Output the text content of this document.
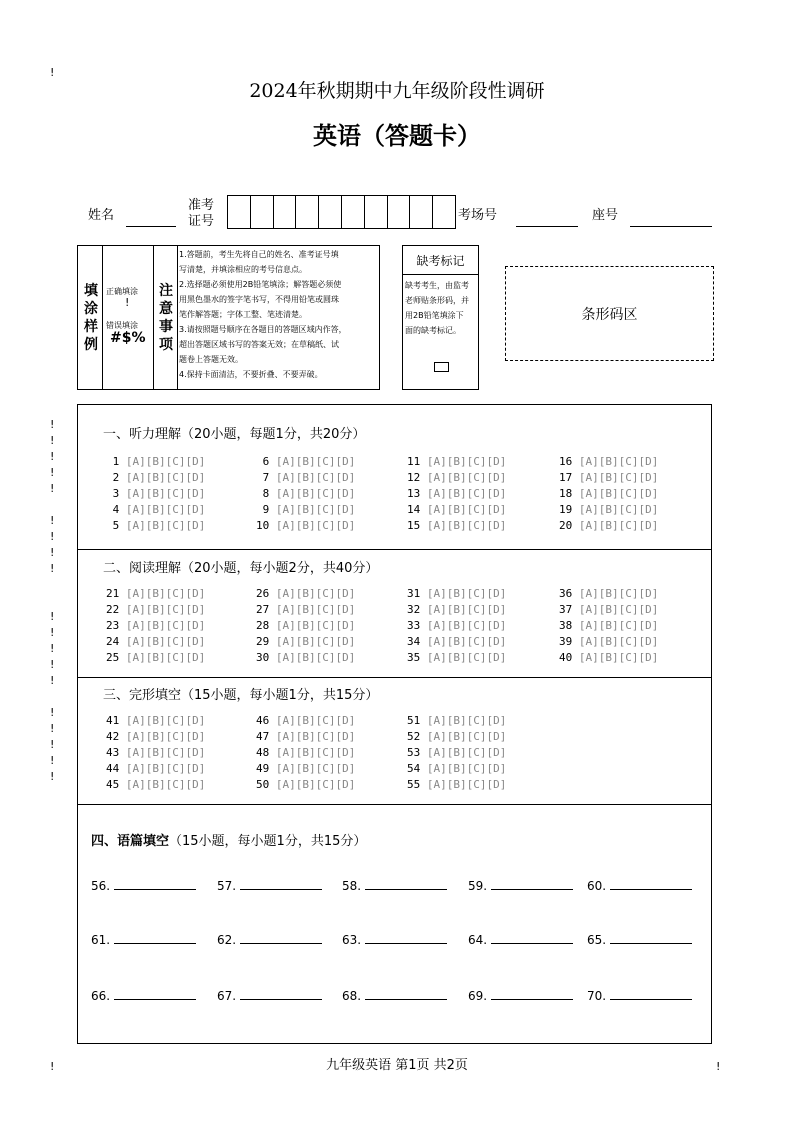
2024年秋期期中九年级阶段性调研
英语（答题卡）
!
!
!
!
!
!
!
!
!
!
!
!
!
!
!
!
!
!
!
!
!	!
姓名
准考
证号	考场号	座号
填
涂
样
例
正确填涂
!
错误填涂
#$%
注
意
事
项
1.答题前，考生先将自己的姓名、准考证号填
写清楚，并填涂相应的考号信息点。
2.选择题必须使用2B铅笔填涂；解答题必须使
用黑色墨水的签字笔书写，不得用铅笔或圆珠
笔作解答题；字体工整、笔迹清楚。
3.请按照题号顺序在各题目的答题区域内作答，
超出答题区域书写的答案无效；在草稿纸、试
题卷上答题无效。
4.保持卡面清洁，不要折叠、不要弄破。
缺考标记
缺考考生，由监考
老师贴条形码，并
用2B铅笔填涂下
面的缺考标记。
条形码区
一、听力理解（20小题，每题1分，共20分）
1 [A][B][C][D]
2 [A][B][C][D]
3 [A][B][C][D]
4 [A][B][C][D]
5 [A][B][C][D]
6 [A][B][C][D]
7 [A][B][C][D]
8 [A][B][C][D]
9 [A][B][C][D]
10 [A][B][C][D]
11 [A][B][C][D]
12 [A][B][C][D]
13 [A][B][C][D]
14 [A][B][C][D]
15 [A][B][C][D]
16 [A][B][C][D]
17 [A][B][C][D]
18 [A][B][C][D]
19 [A][B][C][D]
20 [A][B][C][D]
二、阅读理解（20小题，每小题2分，共40分）
21 [A][B][C][D]
22 [A][B][C][D]
23 [A][B][C][D]
24 [A][B][C][D]
25 [A][B][C][D]
26 [A][B][C][D]
27 [A][B][C][D]
28 [A][B][C][D]
29 [A][B][C][D]
30 [A][B][C][D]
31 [A][B][C][D]
32 [A][B][C][D]
33 [A][B][C][D]
34 [A][B][C][D]
35 [A][B][C][D]
36 [A][B][C][D]
37 [A][B][C][D]
38 [A][B][C][D]
39 [A][B][C][D]
40 [A][B][C][D]
三、完形填空（15小题，每小题1分，共15分）
41 [A][B][C][D]
42 [A][B][C][D]
43 [A][B][C][D]
44 [A][B][C][D]
45 [A][B][C][D]
46 [A][B][C][D]
47 [A][B][C][D]
48 [A][B][C][D]
49 [A][B][C][D]
50 [A][B][C][D]
51 [A][B][C][D]
52 [A][B][C][D]
53 [A][B][C][D]
54 [A][B][C][D]
55 [A][B][C][D]
四、语篇填空（15小题，每小题1分，共15分）
56.	57.	58.	59.	60.
61.	62.	63.	64.	65.
66.	67.	68.	69.	70.
九年级英语 第1页 共2页
